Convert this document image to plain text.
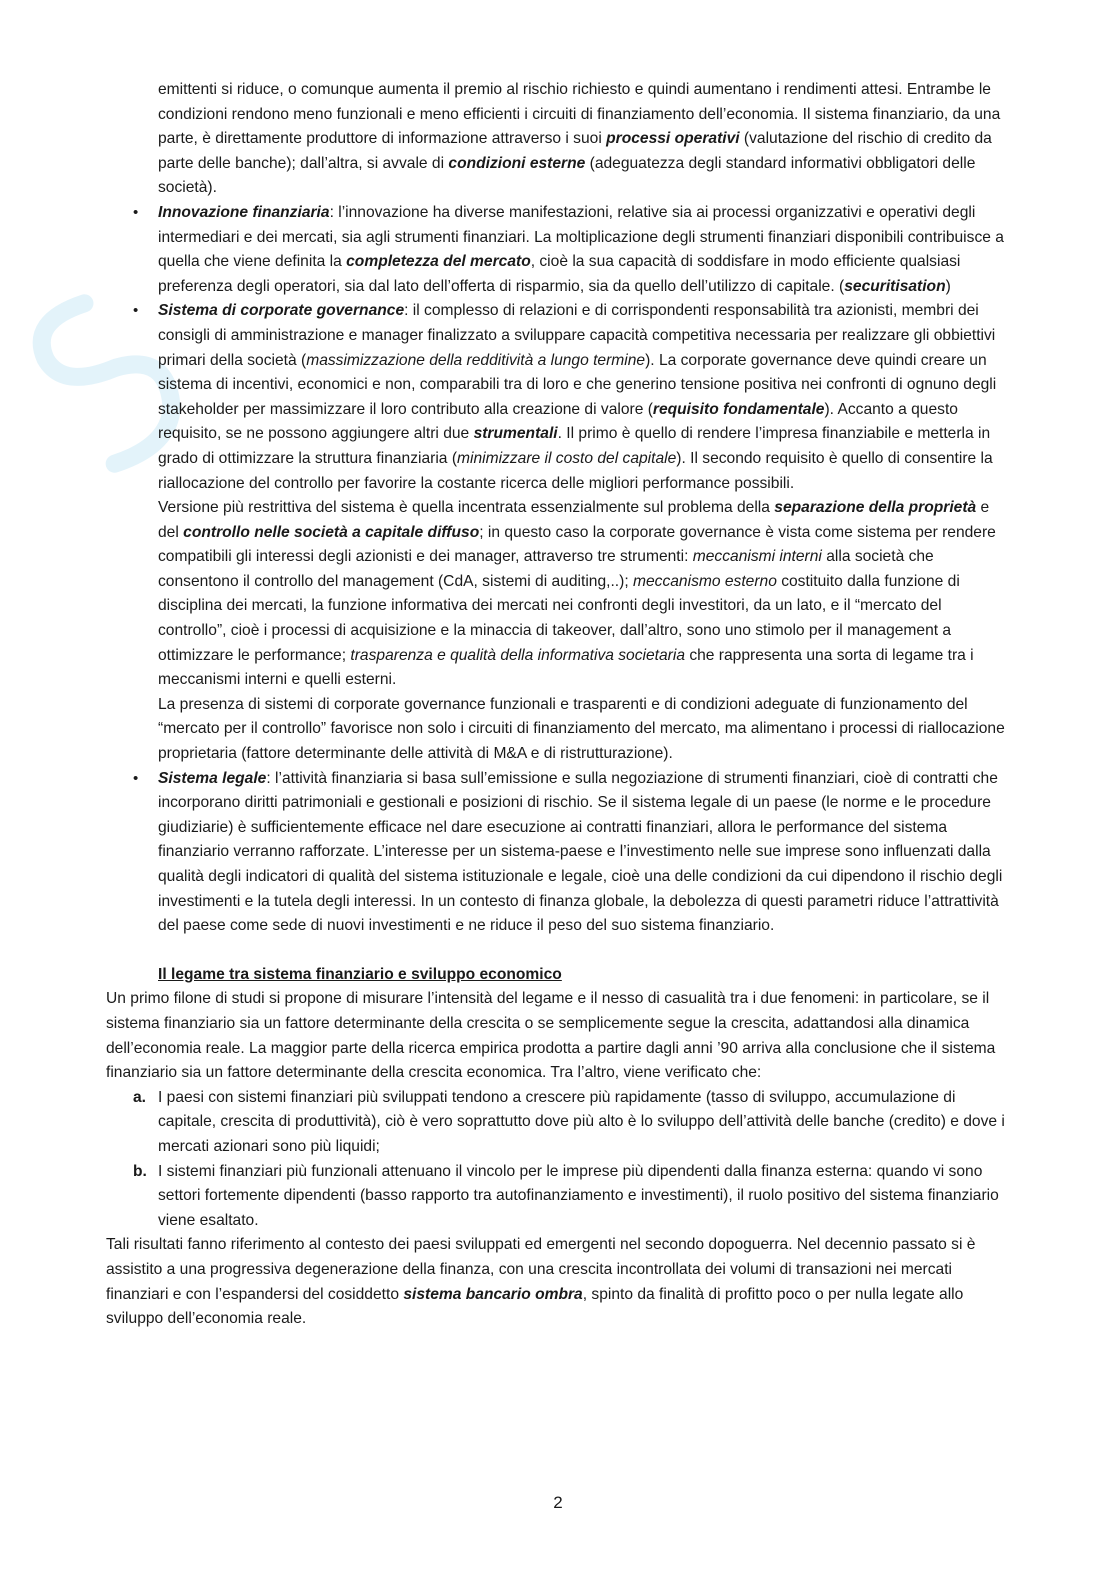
emittenti si riduce, o comunque aumenta il premio al rischio richiesto e quindi aumentano i rendimenti attesi. Entrambe le condizioni rendono meno funzionali e meno efficienti i circuiti di finanziamento dell’economia. Il sistema finanziario, da una parte, è direttamente produttore di informazione attraverso i suoi processi operativi (valutazione del rischio di credito da parte delle banche); dall’altra, si avvale di condizioni esterne (adeguatezza degli standard informativi obbligatori delle società).

• Innovazione finanziaria: l’innovazione ha diverse manifestazioni, relative sia ai processi organizzativi e operativi degli intermediari e dei mercati, sia agli strumenti finanziari. La moltiplicazione degli strumenti finanziari disponibili contribuisce a quella che viene definita la completezza del mercato, cioè la sua capacità di soddisfare in modo efficiente qualsiasi preferenza degli operatori, sia dal lato dell’offerta di risparmio, sia da quello dell’utilizzo di capitale. (securitisation)

• Sistema di corporate governance: il complesso di relazioni e di corrispondenti responsabilità tra azionisti, membri dei consigli di amministrazione e manager finalizzato a sviluppare capacità competitiva necessaria per realizzare gli obbiettivi primari della società (massimizzazione della redditività a lungo termine). La corporate governance deve quindi creare un sistema di incentivi, economici e non, comparabili tra di loro e che generino tensione positiva nei confronti di ognuno degli stakeholder per massimizzare il loro contributo alla creazione di valore (requisito fondamentale). Accanto a questo requisito, se ne possono aggiungere altri due strumentali. Il primo è quello di rendere l’impresa finanziabile e metterla in grado di ottimizzare la struttura finanziaria (minimizzare il costo del capitale). Il secondo requisito è quello di consentire la riallocazione del controllo per favorire la costante ricerca delle migliori performance possibili.

Versione più restrittiva del sistema è quella incentrata essenzialmente sul problema della separazione della proprietà e del controllo nelle società a capitale diffuso; in questo caso la corporate governance è vista come sistema per rendere compatibili gli interessi degli azionisti e dei manager, attraverso tre strumenti: meccanismi interni alla società che consentono il controllo del management (CdA, sistemi di auditing,..); meccanismo esterno costituito dalla funzione di disciplina dei mercati, la funzione informativa dei mercati nei confronti degli investitori, da un lato, e il “mercato del controllo”, cioè i processi di acquisizione e la minaccia di takeover, dall’altro, sono uno stimolo per il management a ottimizzare le performance; trasparenza e qualità della informativa societaria che rappresenta una sorta di legame tra i meccanismi interni e quelli esterni.

La presenza di sistemi di corporate governance funzionali e trasparenti e di condizioni adeguate di funzionamento del “mercato per il controllo” favorisce non solo i circuiti di finanziamento del mercato, ma alimentano i processi di riallocazione proprietaria (fattore determinante delle attività di M&A e di ristrutturazione).

• Sistema legale: l’attività finanziaria si basa sull’emissione e sulla negoziazione di strumenti finanziari, cioè di contratti che incorporano diritti patrimoniali e gestionali e posizioni di rischio. Se il sistema legale di un paese (le norme e le procedure giudiziarie) è sufficientemente efficace nel dare esecuzione ai contratti finanziari, allora le performance del sistema finanziario verranno rafforzate. L’interesse per un sistema-paese e l’investimento nelle sue imprese sono influenzati dalla qualità degli indicatori di qualità del sistema istituzionale e legale, cioè una delle condizioni da cui dipendono il rischio degli investimenti e la tutela degli interessi. In un contesto di finanza globale, la debolezza di questi parametri riduce l’attrattività del paese come sede di nuovi investimenti e ne riduce il peso del suo sistema finanziario.

Il legame tra sistema finanziario e sviluppo economico

Un primo filone di studi si propone di misurare l’intensità del legame e il nesso di casualità tra i due fenomeni: in particolare, se il sistema finanziario sia un fattore determinante della crescita o se semplicemente segue la crescita, adattandosi alla dinamica dell’economia reale. La maggior parte della ricerca empirica prodotta a partire dagli anni ’90 arriva alla conclusione che il sistema finanziario sia un fattore determinante della crescita economica. Tra l’altro, viene verificato che:

a. I paesi con sistemi finanziari più sviluppati tendono a crescere più rapidamente (tasso di sviluppo, accumulazione di capitale, crescita di produttività), ciò è vero soprattutto dove più alto è lo sviluppo dell’attività delle banche (credito) e dove i mercati azionari sono più liquidi;
b. I sistemi finanziari più funzionali attenuano il vincolo per le imprese più dipendenti dalla finanza esterna: quando vi sono settori fortemente dipendenti (basso rapporto tra autofinanziamento e investimenti), il ruolo positivo del sistema finanziario viene esaltato.

Tali risultati fanno riferimento al contesto dei paesi sviluppati ed emergenti nel secondo dopoguerra. Nel decennio passato si è assistito a una progressiva degenerazione della finanza, con una crescita incontrollata dei volumi di transazioni nei mercati finanziari e con l’espandersi del cosiddetto sistema bancario ombra, spinto da finalità di profitto poco o per nulla legate allo sviluppo dell’economia reale.

2
